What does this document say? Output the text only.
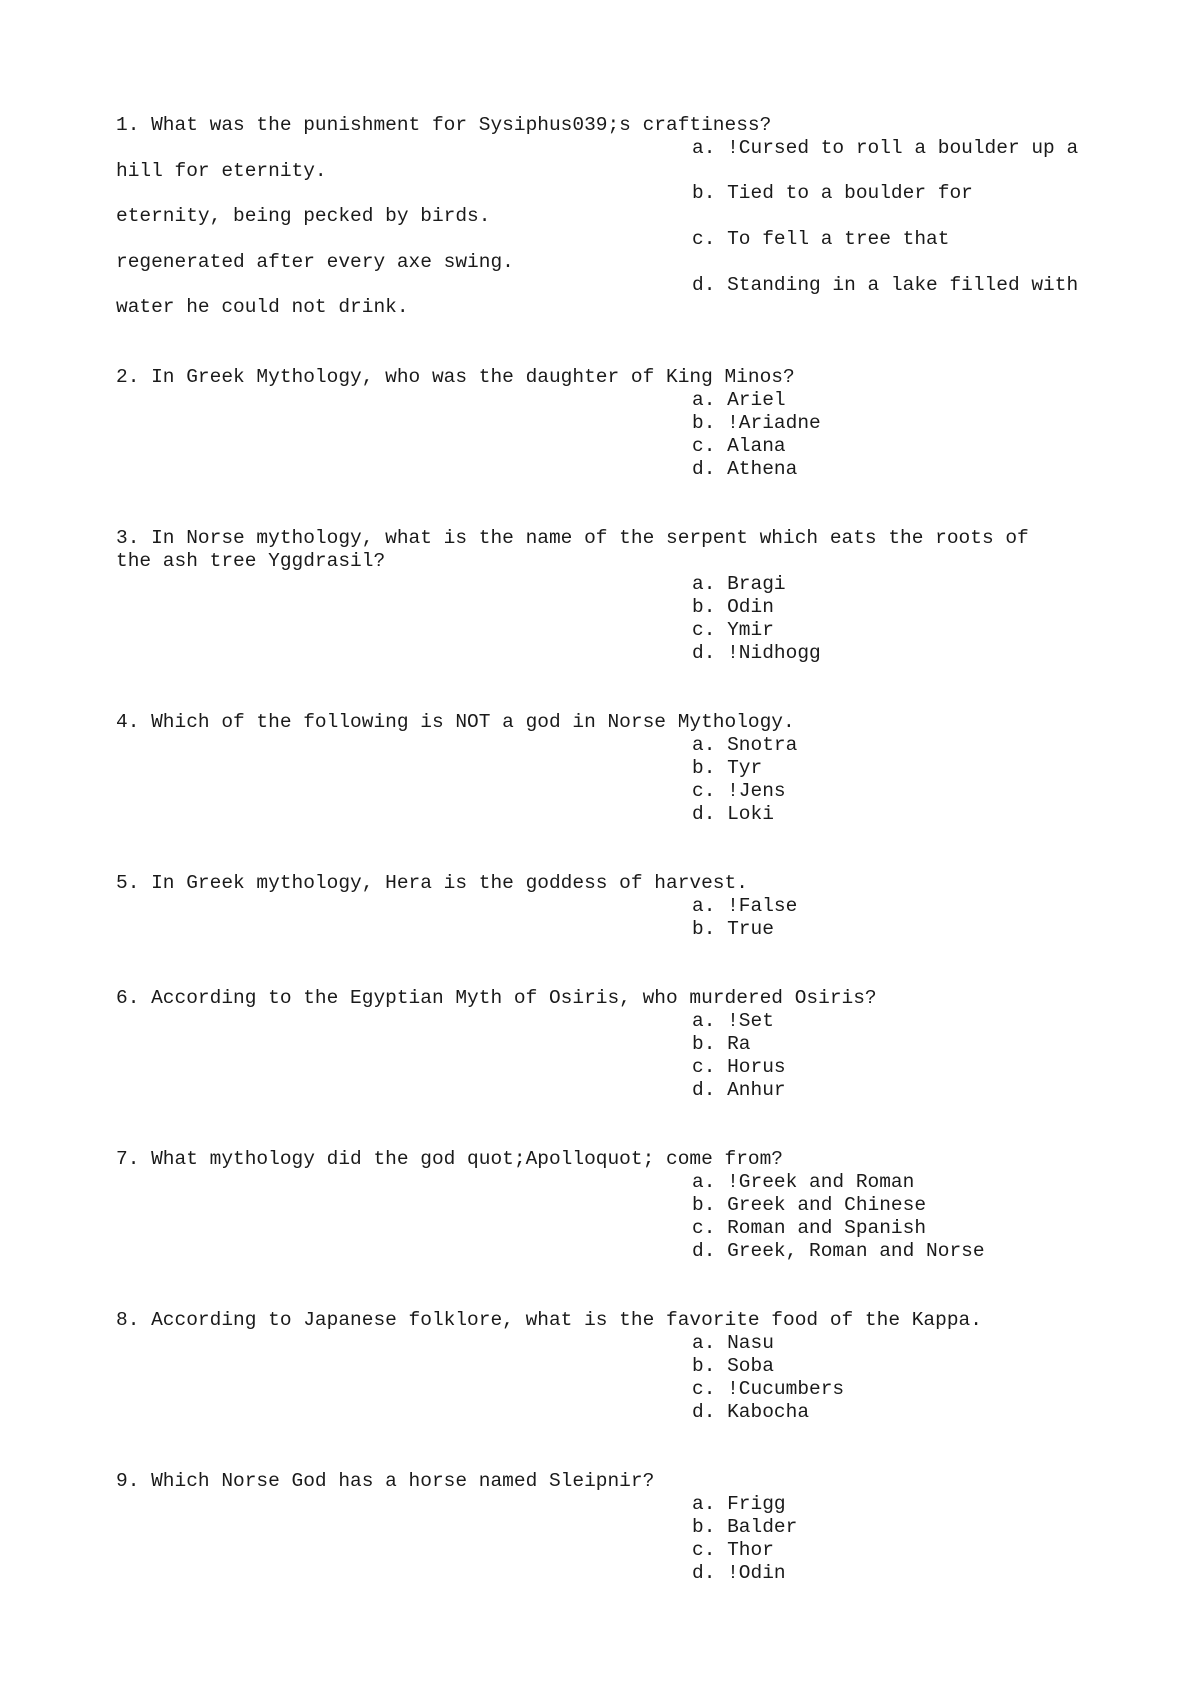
1. What was the punishment for Sysiphus039;s craftiness?
a. !Cursed to roll a boulder up a
hill for eternity.
b. Tied to a boulder for
eternity, being pecked by birds.
c. To fell a tree that
regenerated after every axe swing.
d. Standing in a lake filled with
water he could not drink.
2. In Greek Mythology, who was the daughter of King Minos?
a. Ariel
b. !Ariadne
c. Alana
d. Athena
3. In Norse mythology, what is the name of the serpent which eats the roots of
the ash tree Yggdrasil?
a. Bragi
b. Odin
c. Ymir
d. !Nidhogg
4. Which of the following is NOT a god in Norse Mythology.
a. Snotra
b. Tyr
c. !Jens
d. Loki
5. In Greek mythology, Hera is the goddess of harvest.
a. !False
b. True
6. According to the Egyptian Myth of Osiris, who murdered Osiris?
a. !Set
b. Ra
c. Horus
d. Anhur
7. What mythology did the god quot;Apolloquot; come from?
a. !Greek and Roman
b. Greek and Chinese
c. Roman and Spanish
d. Greek, Roman and Norse
8. According to Japanese folklore, what is the favorite food of the Kappa.
a. Nasu
b. Soba
c. !Cucumbers
d. Kabocha
9. Which Norse God has a horse named Sleipnir?
a. Frigg
b. Balder
c. Thor
d. !Odin
